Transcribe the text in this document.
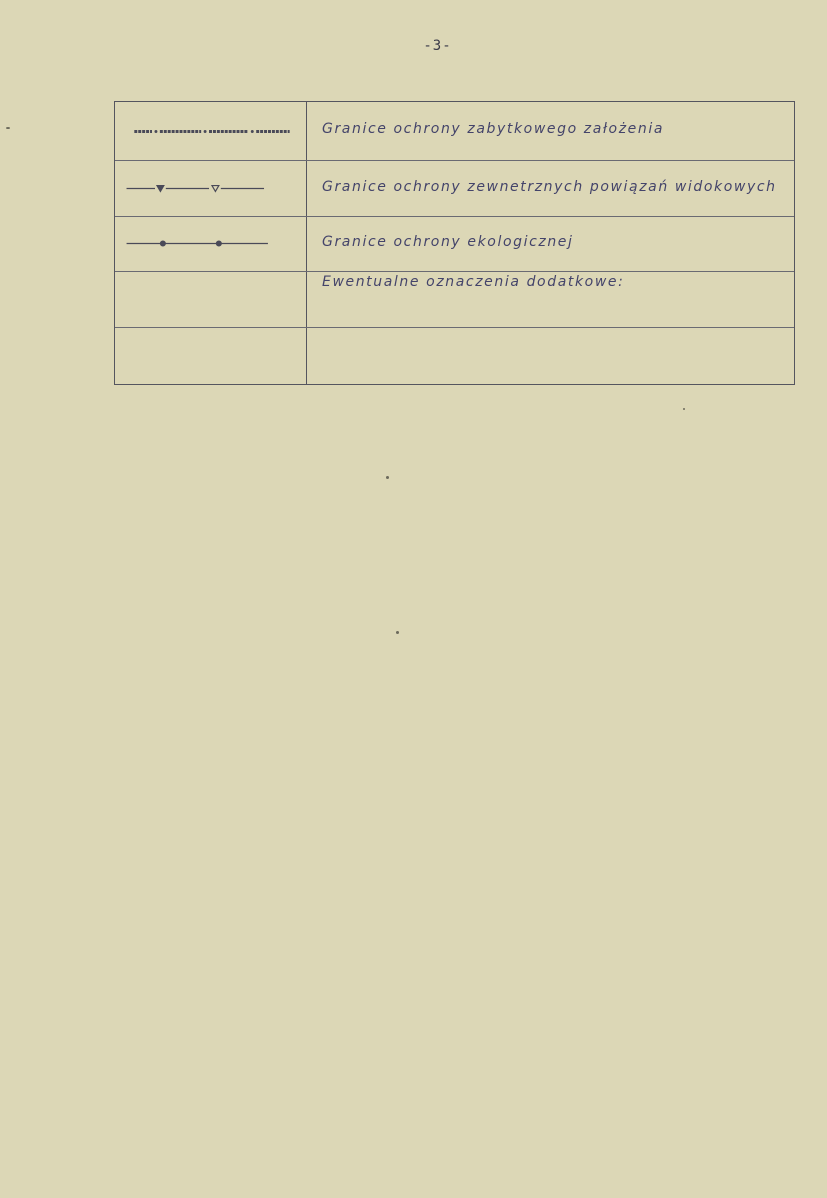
-3-
Granice ochrony zabytkowego założenia
Granice ochrony zewnetrznych powiązań widokowych
Granice ochrony ekologicznej
Ewentualne oznaczenia dodatkowe:
